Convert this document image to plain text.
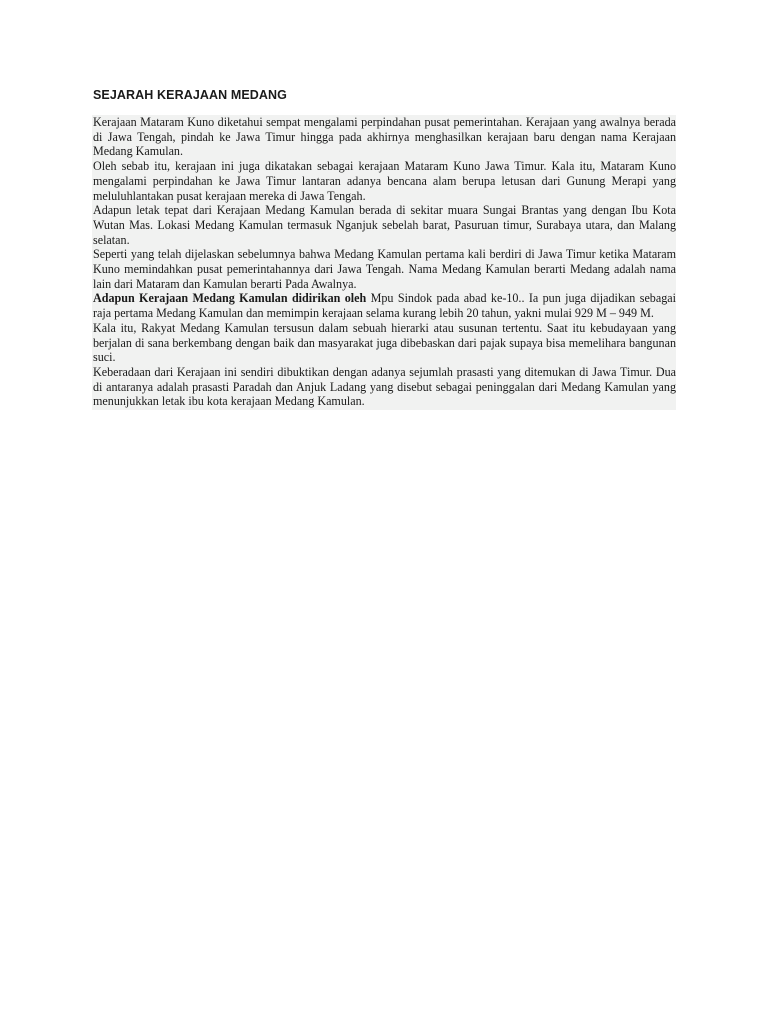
SEJARAH KERAJAAN MEDANG

Kerajaan Mataram Kuno diketahui sempat mengalami perpindahan pusat pemerintahan. Kerajaan yang awalnya berada di Jawa Tengah, pindah ke Jawa Timur hingga pada akhirnya menghasilkan kerajaan baru dengan nama Kerajaan Medang Kamulan.

Oleh sebab itu, kerajaan ini juga dikatakan sebagai kerajaan Mataram Kuno Jawa Timur. Kala itu, Mataram Kuno mengalami perpindahan ke Jawa Timur lantaran adanya bencana alam berupa letusan dari Gunung Merapi yang meluluhlantakan pusat kerajaan mereka di Jawa Tengah.

Adapun letak tepat dari Kerajaan Medang Kamulan berada di sekitar muara Sungai Brantas yang dengan Ibu Kota Wutan Mas. Lokasi Medang Kamulan termasuk Nganjuk sebelah barat, Pasuruan timur, Surabaya utara, dan Malang selatan.

Seperti yang telah dijelaskan sebelumnya bahwa Medang Kamulan pertama kali berdiri di Jawa Timur ketika Mataram Kuno memindahkan pusat pemerintahannya dari Jawa Tengah. Nama Medang Kamulan berarti Medang adalah nama lain dari Mataram dan Kamulan berarti Pada Awalnya.

Adapun Kerajaan Medang Kamulan didirikan oleh Mpu Sindok pada abad ke-10.. Ia pun juga dijadikan sebagai raja pertama Medang Kamulan dan memimpin kerajaan selama kurang lebih 20 tahun, yakni mulai 929 M – 949 M.

Kala itu, Rakyat Medang Kamulan tersusun dalam sebuah hierarki atau susunan tertentu. Saat itu kebudayaan yang berjalan di sana berkembang dengan baik dan masyarakat juga dibebaskan dari pajak supaya bisa memelihara bangunan suci.

Keberadaan dari Kerajaan ini sendiri dibuktikan dengan adanya sejumlah prasasti yang ditemukan di Jawa Timur. Dua di antaranya adalah prasasti Paradah dan Anjuk Ladang yang disebut sebagai peninggalan dari Medang Kamulan yang menunjukkan letak ibu kota kerajaan Medang Kamulan.
